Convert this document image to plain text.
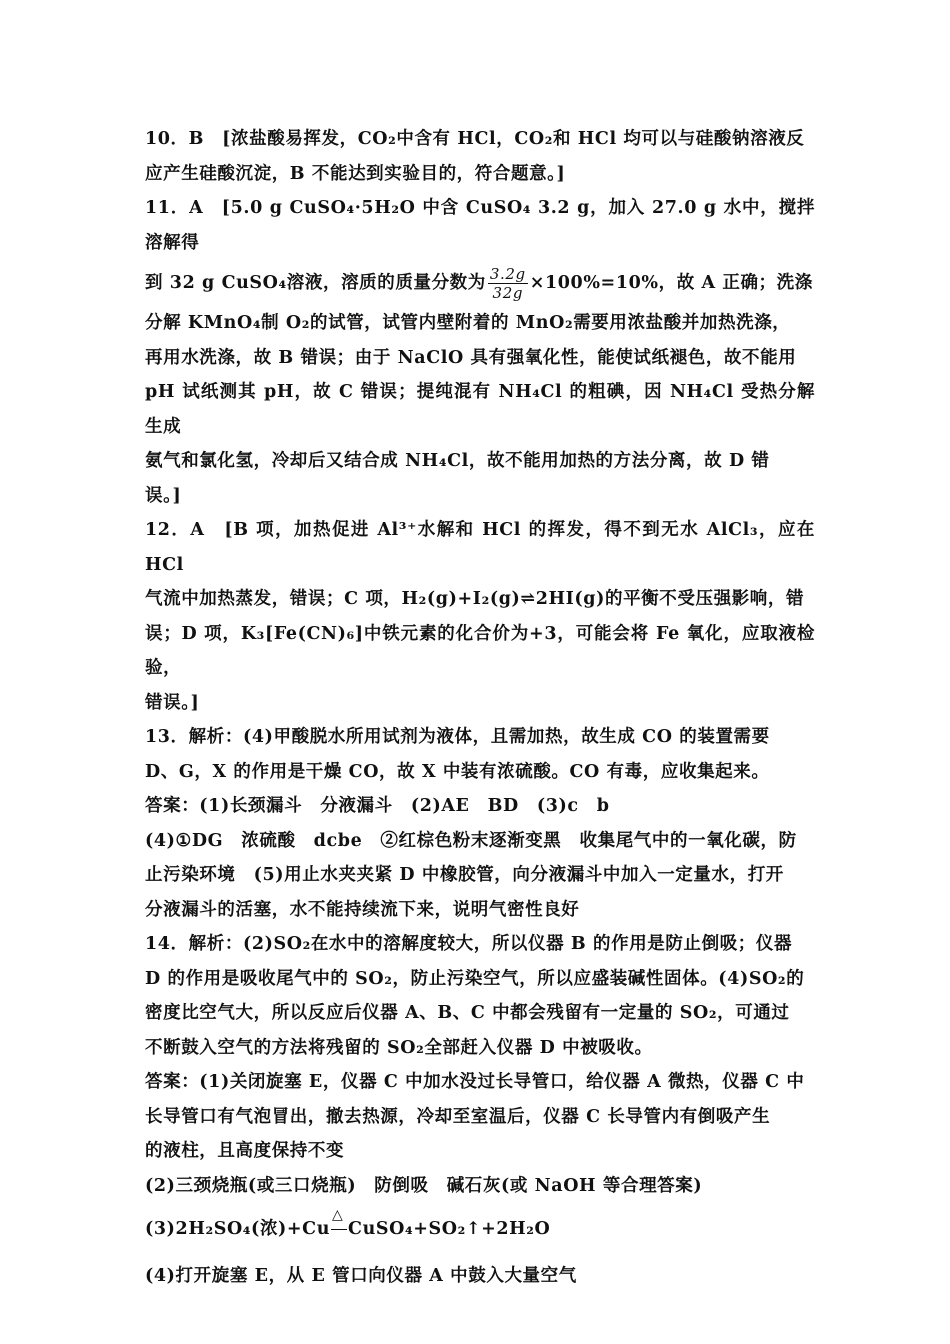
10．B　[浓盐酸易挥发，CO₂中含有 HCl，CO₂和 HCl 均可以与硅酸钠溶液反

应产生硅酸沉淀，B 不能达到实验目的，符合题意。]

11．A　[5.0 g CuSO₄·5H₂O 中含 CuSO₄ 3.2 g，加入 27.0 g 水中，搅拌溶解得

到 32 g CuSO₄溶液，溶质的质量分数为 $\frac{3.2g}{32g} \times 100\%=10\%$，故 A 正确；洗涤

分解 KMnO₄制 O₂的试管，试管内壁附着的 MnO₂需要用浓盐酸并加热洗涤，

再用水洗涤，故 B 错误；由于 NaClO 具有强氧化性，能使试纸褪色，故不能用

pH 试纸测其 pH，故 C 错误；提纯混有 NH₄Cl 的粗碘，因 NH₄Cl 受热分解生成

氨气和氯化氢，冷却后又结合成 NH₄Cl，故不能用加热的方法分离，故 D 错

误。]

12．A　[B 项，加热促进 Al³⁺水解和 HCl 的挥发，得不到无水 AlCl₃，应在 HCl

气流中加热蒸发，错误；C 项，H₂(g)+I₂(g)⇌2HI(g)的平衡不受压强影响，错

误；D 项，K₃[Fe(CN)₆]中铁元素的化合价为+3，可能会将 Fe 氧化，应取液检验，

错误。]

13．解析：(4)甲酸脱水所用试剂为液体，且需加热，故生成 CO 的装置需要

D、G，X 的作用是干燥 CO，故 X 中装有浓硫酸。CO 有毒，应收集起来。

答案：(1)长颈漏斗　分液漏斗　(2)AE　BD　(3)c　b

(4)①DG　浓硫酸　dcbe　②红棕色粉末逐渐变黑　收集尾气中的一氧化碳，防

止污染环境　(5)用止水夹夹紧 D 中橡胶管，向分液漏斗中加入一定量水，打开

分液漏斗的活塞，水不能持续流下来，说明气密性良好

14．解析：(2)SO₂在水中的溶解度较大，所以仪器 B 的作用是防止倒吸；仪器

D 的作用是吸收尾气中的 SO₂，防止污染空气，所以应盛装碱性固体。(4)SO₂的

密度比空气大，所以反应后仪器 A、B、C 中都会残留有一定量的 SO₂，可通过

不断鼓入空气的方法将残留的 SO₂全部赶入仪器 D 中被吸收。

答案：(1)关闭旋塞 E，仪器 C 中加水没过长导管口，给仪器 A 微热，仪器 C 中

长导管口有气泡冒出，撤去热源，冷却至室温后，仪器 C 长导管内有倒吸产生

的液柱，且高度保持不变

(2)三颈烧瓶(或三口烧瓶)　防倒吸　碱石灰(或 NaOH 等合理答案)

(3)2H₂SO₄(浓)+Cu
△
CuSO₄+SO₂↑+2H₂O

(4)打开旋塞 E，从 E 管口向仪器 A 中鼓入大量空气
